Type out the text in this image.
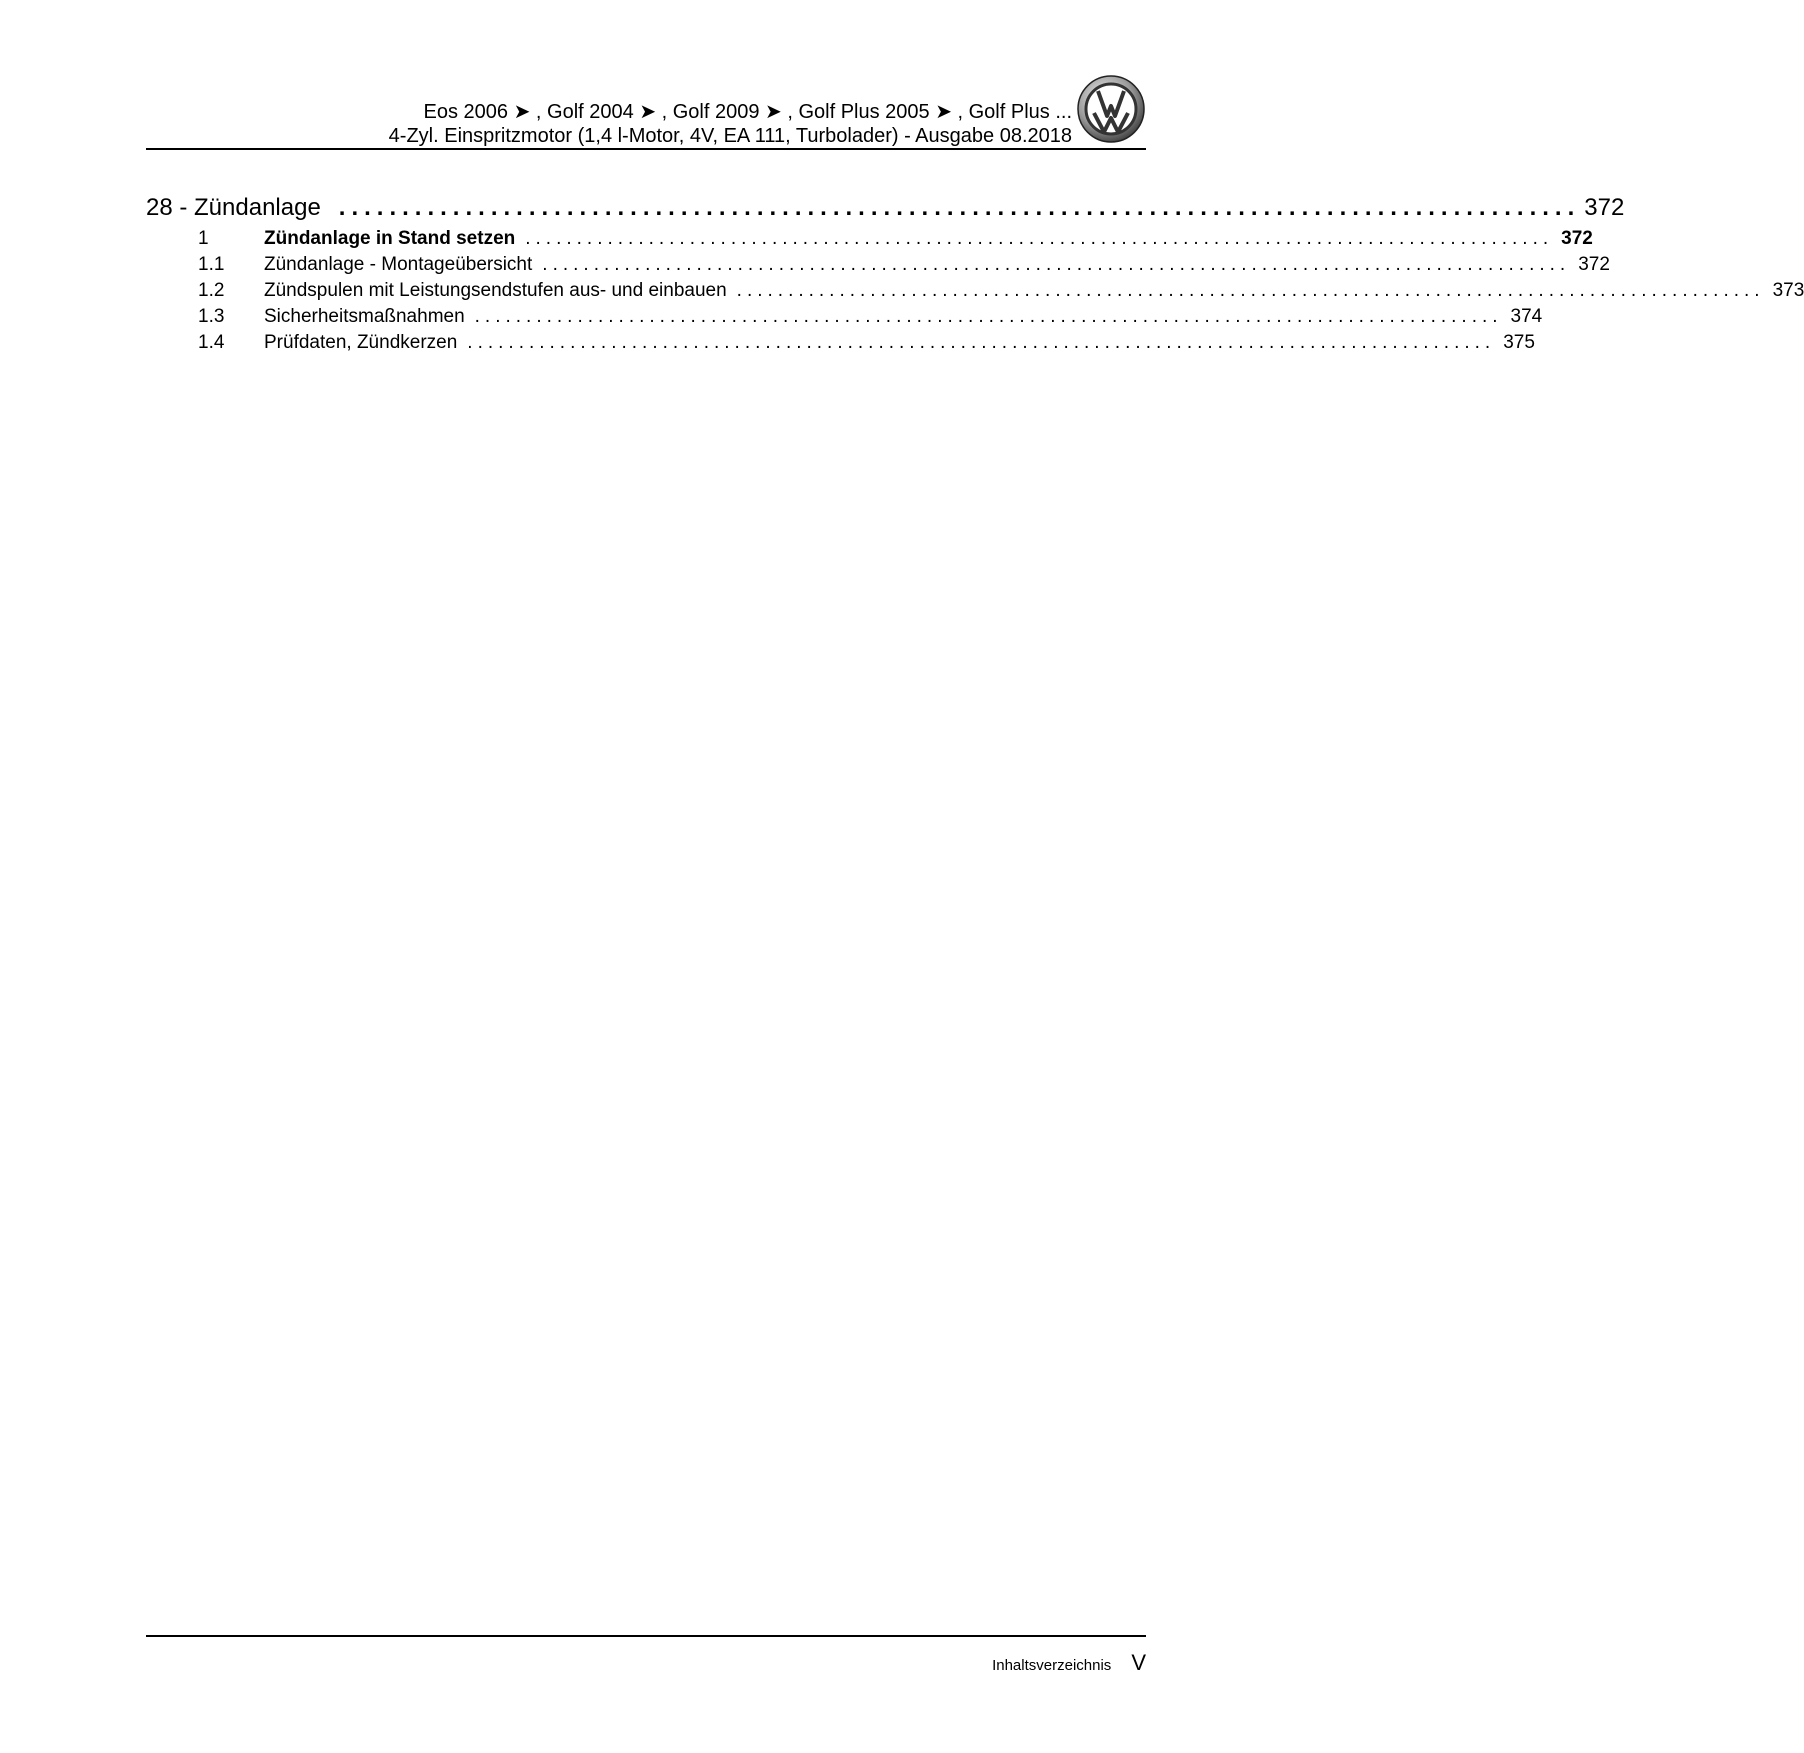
Eos 2006 ➤ , Golf 2004 ➤ , Golf 2009 ➤ , Golf Plus 2005 ➤ , Golf Plus ...
4-Zyl. Einspritzmotor (1,4 l-Motor, 4V, EA 111, Turbolader) - Ausgabe 08.2018
28 - Zündanlage .................................................................................................. 372
1	Zündanlage in Stand setzen .................................................................................................... 372
1.1	Zündanlage - Montageübersicht .................................................................................................... 372
1.2	Zündspulen mit Leistungsendstufen aus- und einbauen .................................................................................................... 373
1.3	Sicherheitsmaßnahmen .................................................................................................... 374
1.4	Prüfdaten, Zündkerzen .................................................................................................... 375
Inhaltsverzeichnis V
